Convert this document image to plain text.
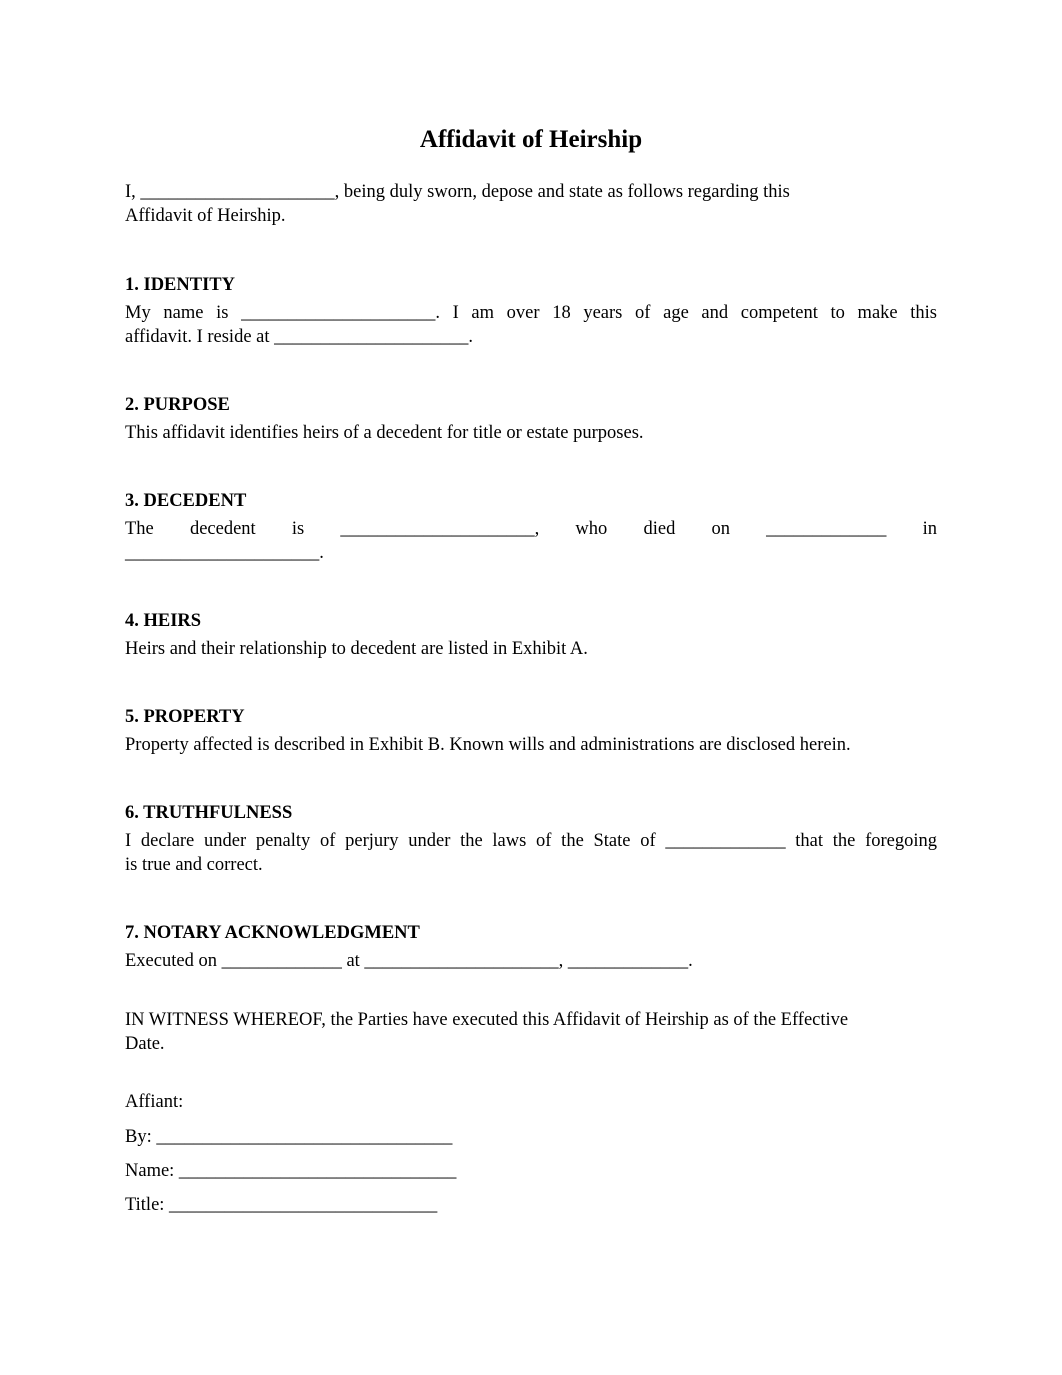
Affidavit of Heirship

I, _____________________, being duly sworn, depose and state as follows regarding this
Affidavit of Heirship.

1. IDENTITY

My name is _____________________. I am over 18 years of age and competent to make this
affidavit. I reside at _____________________.

2. PURPOSE

This affidavit identifies heirs of a decedent for title or estate purposes.

3. DECEDENT

The decedent is _____________________, who died on _____________ in
_____________________.

4. HEIRS

Heirs and their relationship to decedent are listed in Exhibit A.

5. PROPERTY

Property affected is described in Exhibit B. Known wills and administrations are disclosed herein.

6. TRUTHFULNESS

I declare under penalty of perjury under the laws of the State of _____________ that the foregoing
is true and correct.

7. NOTARY ACKNOWLEDGMENT

Executed on _____________ at _____________________, _____________.

IN WITNESS WHEREOF, the Parties have executed this Affidavit of Heirship as of the Effective
Date.

Affiant:
By: ________________________________
Name: ______________________________
Title: _____________________________
